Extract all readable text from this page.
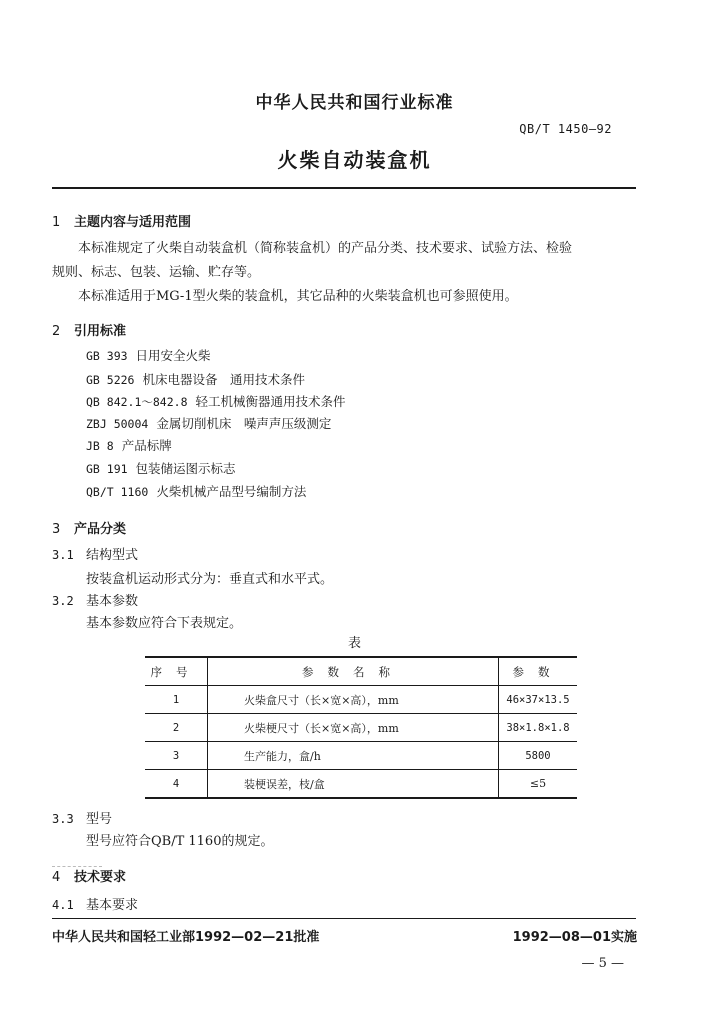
中华人民共和国行业标准
QB/T 1450—92
火柴自动装盒机
1 主题内容与适用范围
本标准规定了火柴自动装盒机（简称装盒机）的产品分类、技术要求、试验方法、检验
规则、标志、包装、运输、贮存等。
本标准适用于MG-1型火柴的装盒机，其它品种的火柴装盒机也可参照使用。
2 引用标准
GB 393 日用安全火柴
GB 5226 机床电器设备　通用技术条件
QB 842.1～842.8 轻工机械衡器通用技术条件
ZBJ 50004 金属切削机床　噪声声压级测定
JB 8 产品标牌
GB 191 包装储运图示标志
QB/T 1160 火柴机械产品型号编制方法
3 产品分类
3.1 结构型式
按装盒机运动形式分为：垂直式和水平式。
3.2 基本参数
基本参数应符合下表规定。
表
序号	参数名称	参数
1	火柴盒尺寸（长×宽×高），mm	46×37×13.5
2	火柴梗尺寸（长×宽×高），mm	38×1.8×1.8
3	生产能力，盒/h	5800
4	装梗误差，枝/盒	≤5
3.3 型号
型号应符合QB/T 1160的规定。
4 技术要求
4.1 基本要求
中华人民共和国轻工业部1992—02—21批准	1992—08—01实施
— 5 —
